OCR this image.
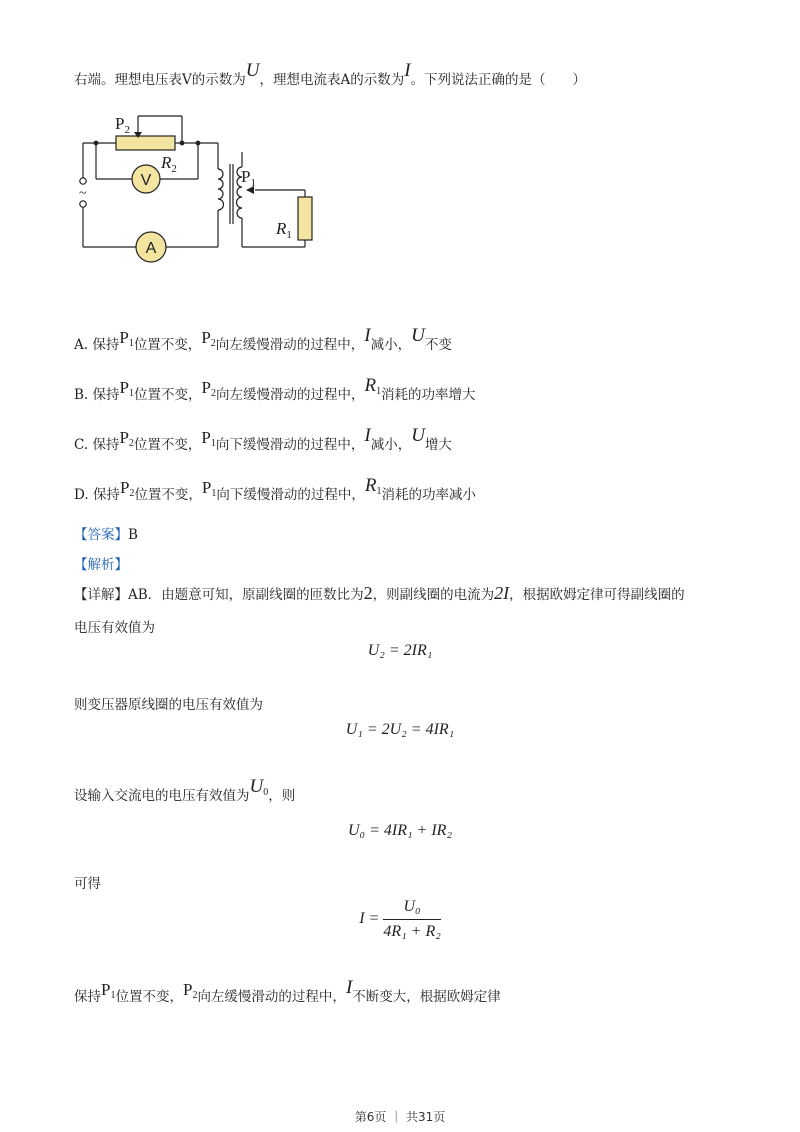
右端。理想电压表V的示数为U，理想电流表A的示数为I。下列说法正确的是（　　）
$P_2$
$R_2$
V
A
~
$P_1$
$R_1$
A. 保持$P_1$位置不变，$P_2$向左缓慢滑动的过程中，I减小，U不变
B. 保持$P_1$位置不变，$P_2$向左缓慢滑动的过程中，$R_1$消耗的功率增大
C. 保持$P_2$位置不变，$P_1$向下缓慢滑动的过程中，I减小，U增大
D. 保持$P_2$位置不变，$P_1$向下缓慢滑动的过程中，$R_1$消耗的功率减小
【答案】B
【解析】
【详解】AB．由题意可知，原副线圈的匝数比为2，则副线圈的电流为2I，根据欧姆定律可得副线圈的
电压有效值为
U₂ = 2IR₁
则变压器原线圈的电压有效值为
U₁ = 2U₂ = 4IR₁
设输入交流电的电压有效值为$U_0$，则
U₀ = 4IR₁ + IR₂
可得
$I = \frac{\text{U₀}}{\text{4R₁ + R₂}}$
保持$P_1$位置不变，$P_2$向左缓慢滑动的过程中，I不断变大，根据欧姆定律
第6页 ｜ 共31页
